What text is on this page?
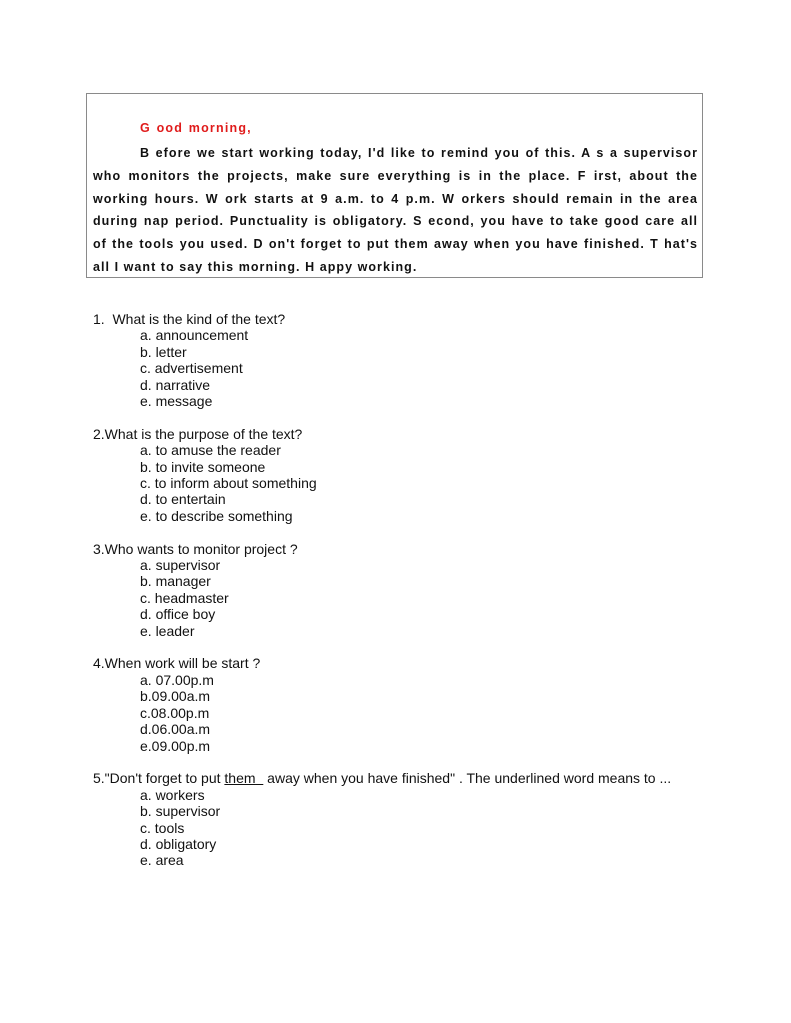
G ood morning,
B efore we start working today, I'd like to remind you of this. A s a supervisor who monitors the projects, make sure everything is in the place. F irst, about the working hours. W ork starts at 9 a.m. to 4 p.m. W orkers should remain in the area during nap period. Punctuality is obligatory. S econd, you have to take good care all of the tools you used. D on't forget to put them away when you have finished. T hat's all I want to say this morning. H appy working.
1.  What is the kind of the text?
a. announcement
b. letter
c. advertisement
d. narrative
e. message
2.What is the purpose of the text?
a. to amuse the reader
b. to invite someone
c. to inform about something
d. to entertain
e. to describe something
3.Who wants to monitor project ?
a. supervisor
b. manager
c. headmaster
d. office boy
e. leader
4.When work will be start ?
a. 07.00p.m
b.09.00a.m
c.08.00p.m
d.06.00a.m
e.09.00p.m
5."Don't forget to put them   away when you have finished" . The underlined word means to ...
a. workers
b. supervisor
c. tools
d. obligatory
e. area
